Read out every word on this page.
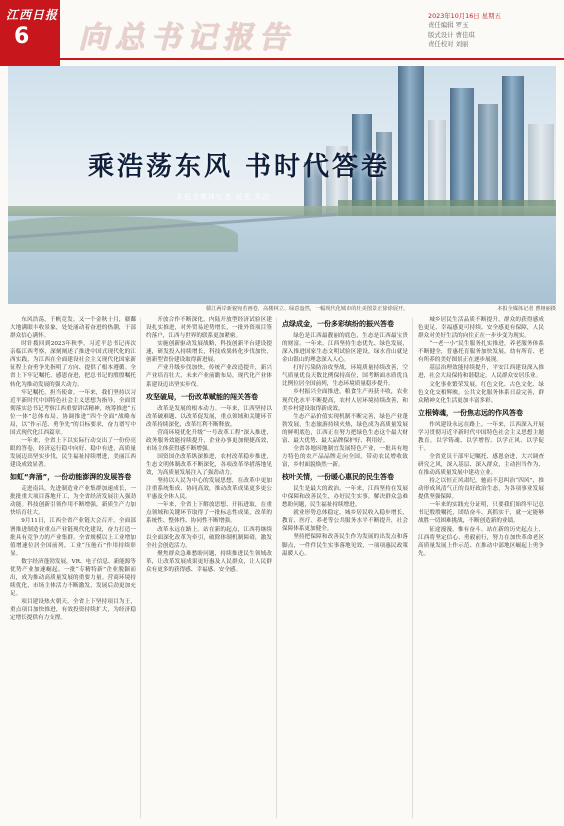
江西日报
6 向总书记报告
2023年10月16日 星期五
责任编辑 罗玉
版式设计 曹佳琪
责任校对 刘丽
乘浩荡东风 书时代答卷
本报全媒体记者 吴亚 朱洁
赣江两岸新貌宛若画卷，高楼林立、绿意盎然，一幅现代化城市的壮美图景正徐徐展开。	本报全媒体记者 曹娅丽摄

东风浩荡，千帆竞发。又一个金秋十月，赣鄱大地满眼丰收景象，处处涌动着奋进的热潮，干部群众信心满怀。

时针拨回到2023年秋季，习近平总书记再次亲临江西考察，深刻阐述了推进中国式现代化的江西实践，为江西在全面建设社会主义现代化国家新征程上奋勇争先指明了方向、提供了根本遵循。全省上下牢记嘱托、感恩奋进，把总书记的殷殷嘱托转化为推动发展的强大动力。

牢记嘱托，担当使命。一年来，我们坚持以习近平新时代中国特色社会主义思想为指导，全面贯彻落实总书记考察江西重要讲话精神，统筹推进“五位一体”总体布局，协调推进“四个全面”战略布局，以“作示范、勇争先”的目标要求，奋力谱写中国式现代化江西篇章。

一年来，全省上下以实际行动交出了一份份亮眼的答卷，经济运行稳中向好、稳中有进，高质量发展迈出坚实步伐，民生福祉持续增进，美丽江西建设成效显著。

如虹“奔涌”，一份动能澎湃的发展答卷

走进南昌，先进制造业产业集群加速成长，一批批重大项目落地开工，为全省经济发展注入强劲动能。科技创新引领作用不断增强，新质生产力加快培育壮大。

9月11日，江西全省产业链大会召开，全面部署推进制造业重点产业链现代化建设，奋力打造一批具有竞争力的产业集群。全省规模以上工业增加值增速位居全国前列，工业“压舱石”作用持续彰显。

数字经济蓬勃发展，VR、电子信息、新能源等优势产业加速崛起。一批“专精特新”企业脱颖而出，成为推动高质量发展的重要力量。营商环境持续优化，市场主体活力不断激发，发展后劲更加充足。

项目建设热火朝天，全省上下坚持项目为王，重点项目加快推进，有效投资持续扩大，为经济稳定增长提供有力支撑。

开放合作不断深化，内陆开放型经济试验区建设扎实推进，对外贸易逆势增长，一批外资项目签约落户，江西与世界的联系更加紧密。

实施创新驱动发展战略，科技创新平台建设提速，研发投入持续增长，科技成果转化步伐加快，创新型省份建设取得新进展。

产业升级步伐加快，传统产业改造提升，新兴产业培育壮大，未来产业前瞻布局，现代化产业体系建设迈出坚实步伐。

攻坚破局，一份改革赋能的闯关答卷

改革是发展的根本动力。一年来，江西坚持以改革破难题、以改革促发展，重点领域和关键环节改革持续深化，改革红利不断释放。

营商环境优化升级“一号改革工程”深入推进，政务服务效能持续提升，企业办事更加便捷高效，市场主体获得感不断增强。

国资国企改革纵深推进，农村改革稳步推进，生态文明体制改革不断深化，各项改革举措落地见效，为高质量发展注入了强劲动力。

坚持以人民为中心的发展思想，在改革中更加注重系统集成、协同高效，推动改革成果更多更公平惠及全体人民。

一年来，全省上下解放思想、开拓进取，在重点领域和关键环节取得了一批标志性成果，改革的系统性、整体性、协同性不断增强。

改革永远在路上。站在新的起点，江西将继续以全面深化改革为牵引，破除体制机制障碍，激发全社会创造活力。

聚焦群众急难愁盼问题，持续推进民生领域改革，让改革发展成果更好惠及人民群众，让人民群众有更多的获得感、幸福感、安全感。

点绿成金，一份多彩缤纷的振兴答卷

绿色是江西最靓丽的底色，生态是江西最宝贵的财富。一年来，江西坚持生态优先、绿色发展，深入推进国家生态文明试验区建设，绿水青山就是金山银山的理念深入人心。

打好污染防治攻坚战，环境质量持续改善，空气质量优良天数比例保持高位，国考断面水质优良比例位居全国前列，生态环境质量稳步提升。

乡村振兴全面推进，粮食生产再获丰收，农业现代化水平不断提高，农村人居环境持续改善，和美乡村建设取得新成效。

生态产品价值实现机制不断完善，绿色产业蓬勃发展，生态旅游持续火热，绿色成为高质量发展的鲜明底色，江西正在努力把绿色生态这个最大财富、最大优势、最大品牌保护好、利用好。

全省各地因地制宜发展特色产业，一批具有地方特色的农产品品牌走向全国，带动农民增收致富，乡村面貌焕然一新。

枝叶关情，一份暖心惠民的民生答卷

民生是最大的政治。一年来，江西坚持在发展中保障和改善民生，办好民生实事，解决群众急难愁盼问题，民生福祉持续增进。

就业形势总体稳定，城乡居民收入稳步增长，教育、医疗、养老等公共服务水平不断提升，社会保障体系更加健全。

坚持把保障和改善民生作为发展的出发点和落脚点，一件件民生实事落地见效，一项项惠民政策温暖人心。

城乡居民生活品质不断提升，群众的获得感成色更足、幸福感更可持续、安全感更有保障，人民群众对美好生活的向往正在一步步变为现实。

“一老一小”民生服务扎实推进，养老服务体系不断健全，普惠托育服务加快发展，幼有所育、老有所养的美好图景正在逐步展现。

基层治理效能持续提升，平安江西建设深入推进，社会大局保持和谐稳定，人民群众安居乐业。

文化事业繁荣发展，红色文化、古色文化、绿色文化交相辉映，公共文化服务体系日益完善，群众精神文化生活更加丰富多彩。

立根铸魂，一份焦志远的作风答卷

作风建设永远在路上。一年来，江西深入开展学习贯彻习近平新时代中国特色社会主义思想主题教育，以学铸魂、以学增智、以学正风、以学促干。

全省党员干部牢记嘱托、感恩奋进，大兴调查研究之风，深入基层、深入群众，主动担当作为，在推动高质量发展中建功立业。

持之以恒正风肃纪，驰而不息纠治“四风”，推动形成风清气正的良好政治生态，为各项事业发展提供坚强保障。

一年来的实践充分证明，只要我们始终牢记总书记殷殷嘱托，团结奋斗、真抓实干，就一定能够战胜一切困难挑战，不断创造新的业绩。

征途漫漫，惟有奋斗。站在新的历史起点上，江西将坚定信心、勇毅前行，努力在加快革命老区高质量发展上作示范、在推动中部地区崛起上勇争先。
